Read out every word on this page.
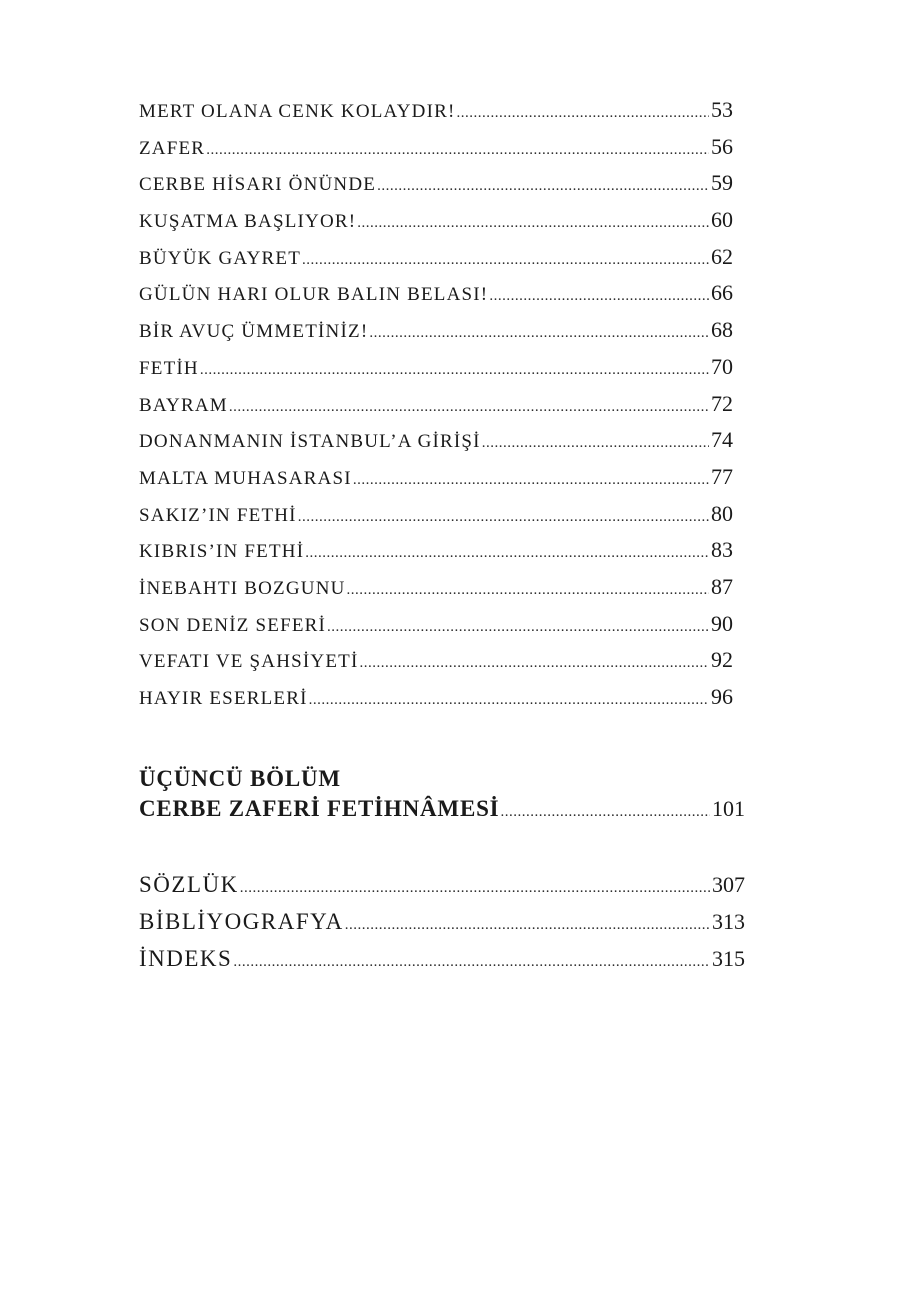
MERT OLANA CENK KOLAYDIR! .....	53
ZAFER .....	56
CERBE HİSARI ÖNÜNDE .....	59
KUŞATMA BAŞLIYOR! .....	60
BÜYÜK GAYRET .....	62
GÜLÜN HARI OLUR BALIN BELASI! .....	66
BİR AVUÇ ÜMMETİNİZ! .....	68
FETİH .....	70
BAYRAM .....	72
DONANMANIN İSTANBUL’A GİRİŞİ .....	74
MALTA MUHASARASI .....	77
SAKIZ’IN FETHİ .....	80
KIBRIS’IN FETHİ .....	83
İNEBAHTI BOZGUNU .....	87
SON DENİZ SEFERİ .....	90
VEFATI VE ŞAHSİYETİ .....	92
HAYIR ESERLERİ .....	96
ÜÇÜNCÜ BÖLÜM
CERBE ZAFERİ FETİHNÂMESİ .....	101
SÖZLÜK .....	307
BİBLİYOGRAFYA .....	313
İNDEKS .....	315
